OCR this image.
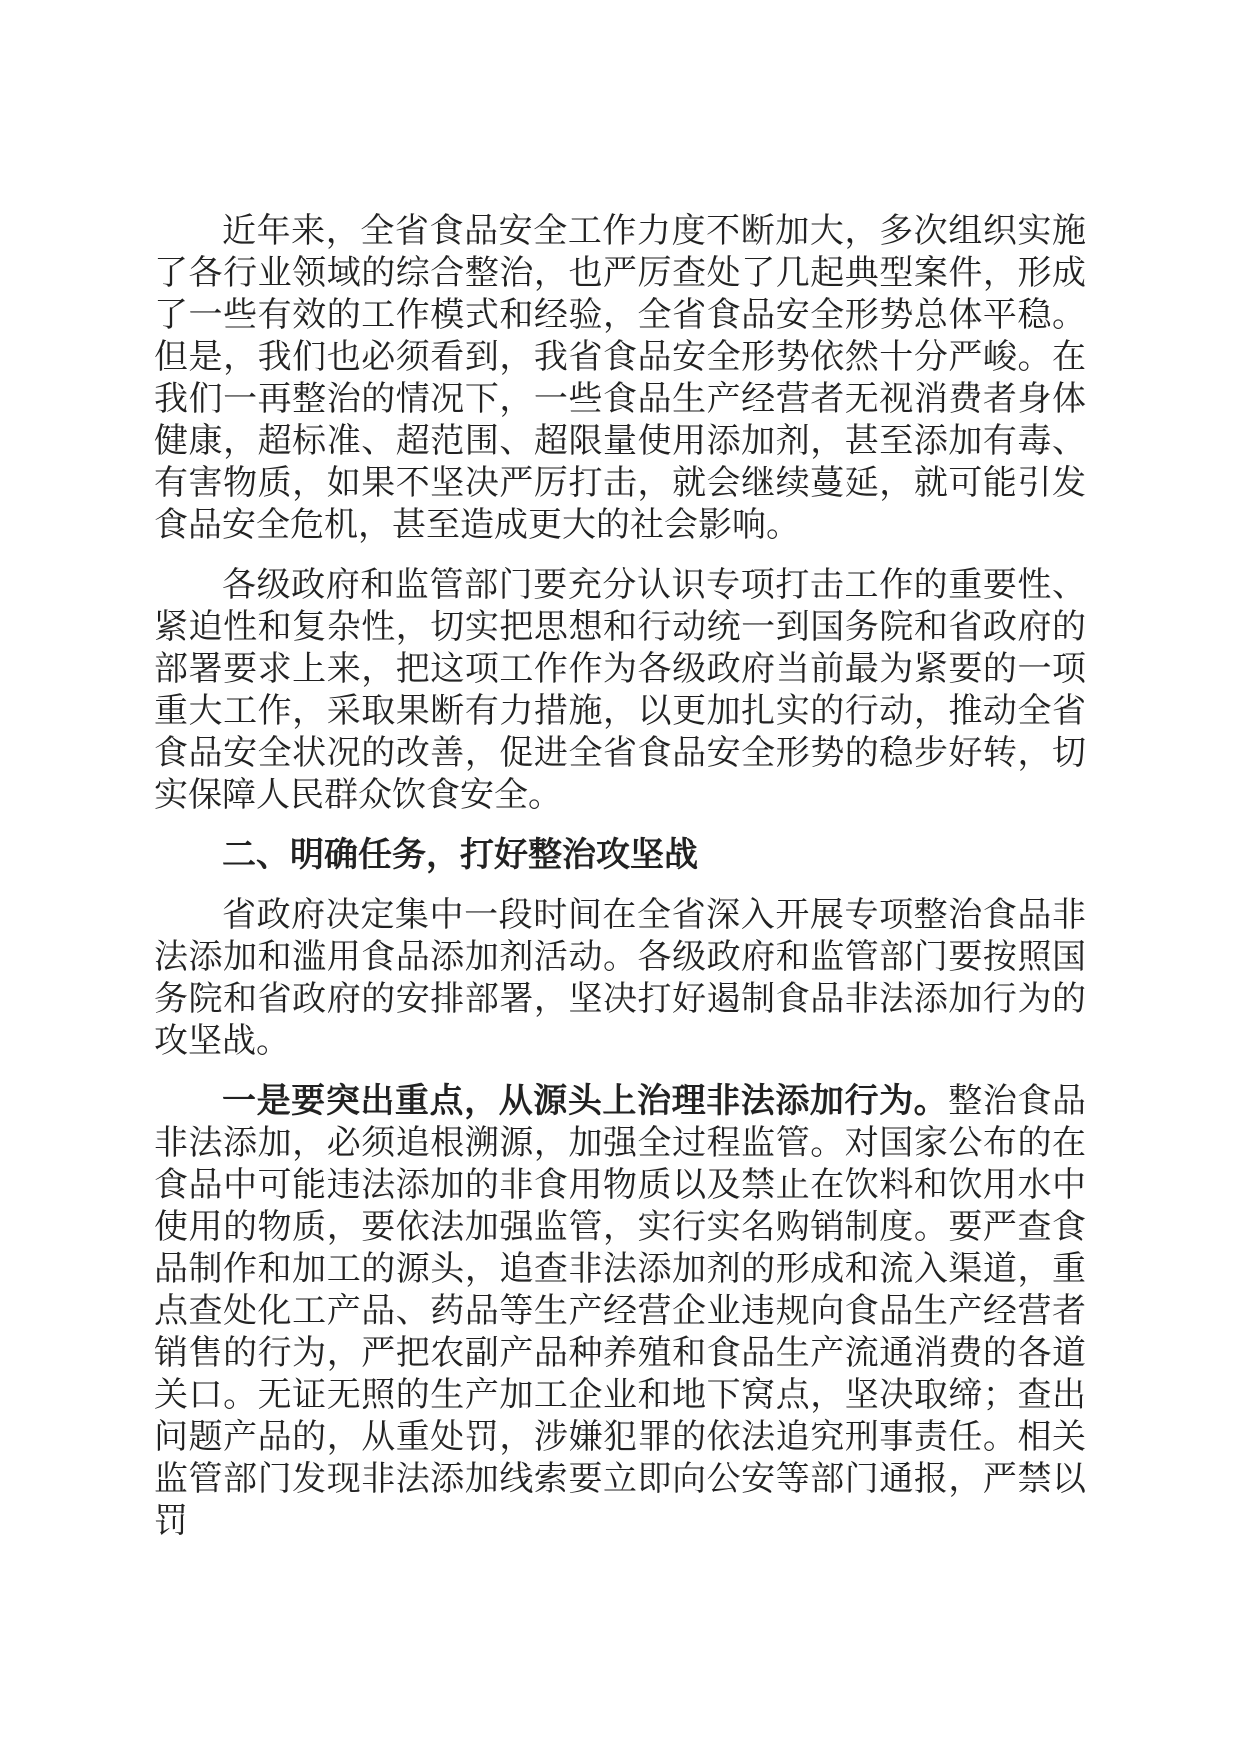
近年来，全省食品安全工作力度不断加大，多次组织实施了各行业领域的综合整治，也严厉查处了几起典型案件，形成了一些有效的工作模式和经验，全省食品安全形势总体平稳。但是，我们也必须看到，我省食品安全形势依然十分严峻。在我们一再整治的情况下，一些食品生产经营者无视消费者身体健康，超标准、超范围、超限量使用添加剂，甚至添加有毒、有害物质，如果不坚决严厉打击，就会继续蔓延，就可能引发食品安全危机，甚至造成更大的社会影响。

各级政府和监管部门要充分认识专项打击工作的重要性、紧迫性和复杂性，切实把思想和行动统一到国务院和省政府的部署要求上来，把这项工作作为各级政府当前最为紧要的一项重大工作，采取果断有力措施，以更加扎实的行动，推动全省食品安全状况的改善，促进全省食品安全形势的稳步好转，切实保障人民群众饮食安全。

二、明确任务，打好整治攻坚战

省政府决定集中一段时间在全省深入开展专项整治食品非法添加和滥用食品添加剂活动。各级政府和监管部门要按照国务院和省政府的安排部署，坚决打好遏制食品非法添加行为的攻坚战。

一是要突出重点，从源头上治理非法添加行为。整治食品非法添加，必须追根溯源，加强全过程监管。对国家公布的在食品中可能违法添加的非食用物质以及禁止在饮料和饮用水中使用的物质，要依法加强监管，实行实名购销制度。要严查食品制作和加工的源头，追查非法添加剂的形成和流入渠道，重点查处化工产品、药品等生产经营企业违规向食品生产经营者销售的行为，严把农副产品种养殖和食品生产流通消费的各道关口。无证无照的生产加工企业和地下窝点，坚决取缔；查出问题产品的，从重处罚，涉嫌犯罪的依法追究刑事责任。相关监管部门发现非法添加线索要立即向公安等部门通报，严禁以罚
